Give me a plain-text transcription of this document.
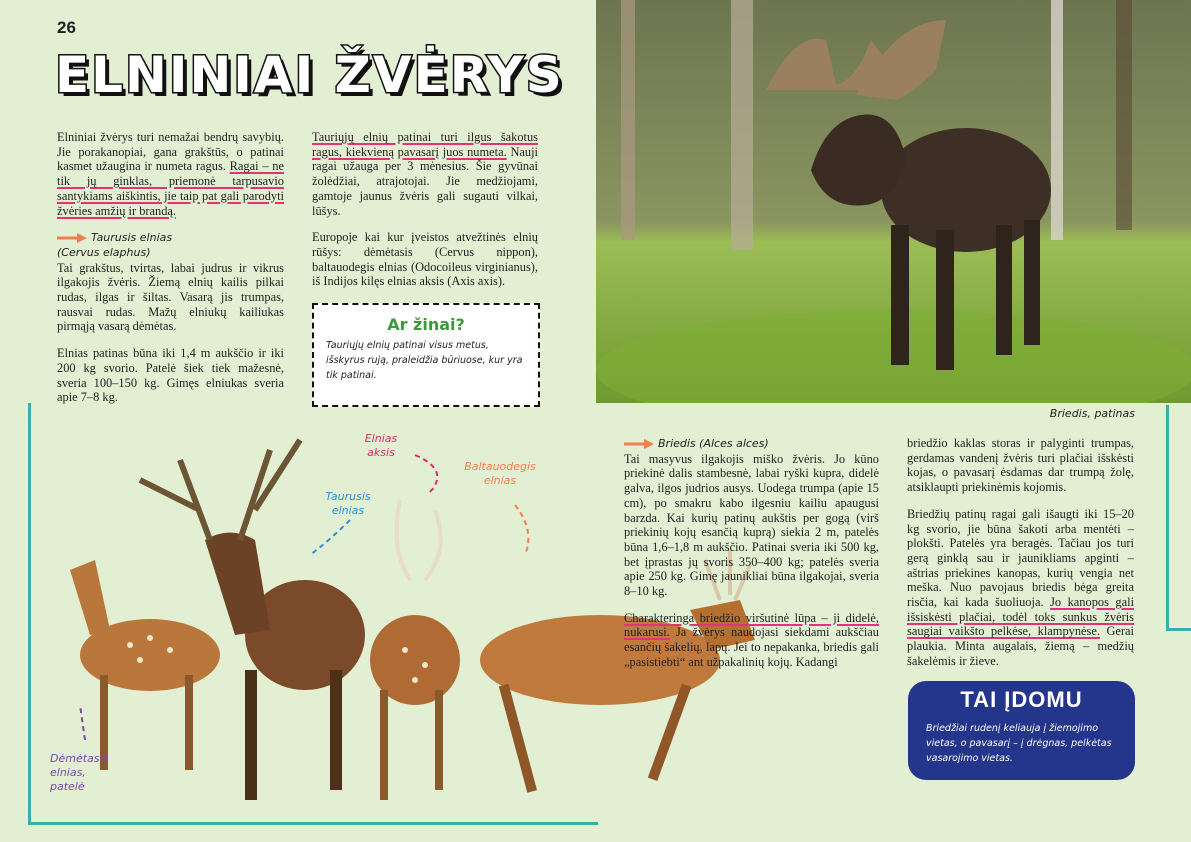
26
ELNINIAI ŽVĖRYS
Elniniai žvėrys turi nemažai bendrų savybių. Jie porakanopiai, gana grakštūs, o patinai kasmet užaugina ir numeta ragus. Ragai – ne tik jų ginklas, priemonė tarpusavio santykiams aiškintis, jie taip pat gali parodyti žvėries amžių ir brandą.
Taurusis elnias
(Cervus elaphus)
Tai grakštus, tvirtas, labai judrus ir vikrus ilgakojis žvėris. Žiemą elnių kailis pilkai rudas, ilgas ir šiltas. Vasarą jis trumpas, rausvai rudas. Mažų elniukų kailiukas pirmąją vasarą dėmėtas.
Elnias patinas būna iki 1,4 m aukščio ir iki 200 kg svorio. Patelė šiek tiek mažesnė, sveria 100–150 kg. Gimęs elniukas sveria apie 7–8 kg.
Tauriųjų elnių patinai turi ilgus šakotus ragus, kiekvieną pavasarį juos numeta. Nauji ragai užauga per 3 mėnesius. Šie gyvūnai žolėdžiai, atrajotojai. Jie medžiojami, gamtoje jaunus žvėris gali sugauti vilkai, lūšys.
Europoje kai kur įveistos atvežtinės elnių rūšys: dėmėtasis (Cervus nippon), baltauodegis elnias (Odocoileus virginianus), iš Indijos kilęs elnias aksis (Axis axis).
Ar žinai?

Tauriųjų elnių patinai visus metus, išskyrus rują, praleidžia būriuose, kur yra tik patinai.

Briedis, patinas
Elnias aksis
Taurusis elnias
Baltauodegis elnias
Dėmėtasis elnias, patelė
Briedis (Alces alces)
Tai masyvus ilgakojis miško žvėris. Jo kūno priekinė dalis stambesnė, labai ryški kupra, didelė galva, ilgos judrios ausys. Uodega trumpa (apie 15 cm), po smakru kabo ilgesniu kailiu apaugusi barzda. Kai kurių patinų aukštis per gogą (virš priekinių kojų esančią kuprą) siekia 2 m, patelės būna 1,6–1,8 m aukščio. Patinai sveria iki 500 kg, bet įprastas jų svoris 350–400 kg; patelės sveria apie 250 kg. Gimę jaunikliai būna ilgakojai, sveria 8–10 kg.
Charakteringa briedžio viršutinė lūpa – ji didelė, nukarusi. Ja žvėrys naudojasi siekdami aukščiau esančių šakelių, lapų. Jei to nepakanka, briedis gali „pasistiebti“ ant užpakalinių kojų. Kadangi
briedžio kaklas storas ir palyginti trumpas, gerdamas vandenį žvėris turi plačiai išskėsti kojas, o pavasarį ėsdamas dar trumpą žolę, atsiklaupti priekinėmis kojomis.
Briedžių patinų ragai gali išaugti iki 15–20 kg svorio, jie būna šakoti arba mentėti – plokšti. Patelės yra beragės. Tačiau jos turi gerą ginklą sau ir jaunikliams apginti – aštrias priekines kanopas, kurių vengia net meška. Nuo pavojaus briedis bėga greita risčia, kai kada šuoliuoja. Jo kanopos gali išsiskėsti plačiai, todėl toks sunkus žvėris saugiai vaikšto pelkėse, klampynėse. Gerai plaukia. Minta augalais, žiemą – medžių šakelėmis ir žieve.
TAI ĮDOMU

Briedžiai rudenį keliauja į žiemojimo vietas, o pavasarį – į drėgnas, pelkėtas vasarojimo vietas.
